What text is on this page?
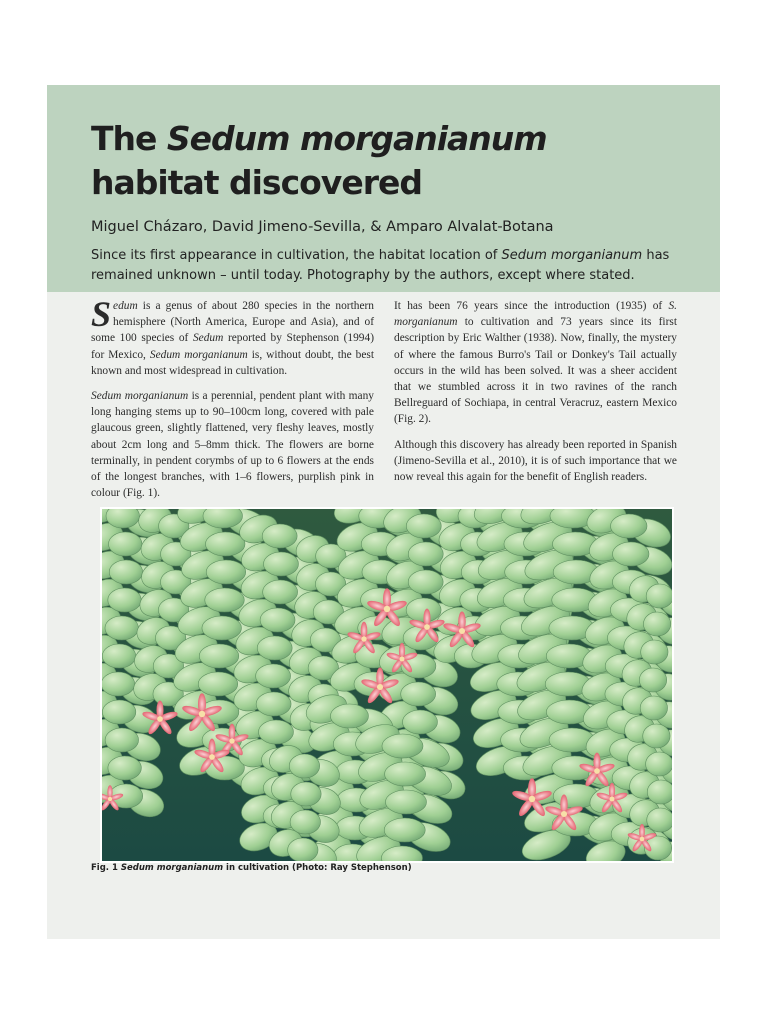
The Sedum morganianum
habitat discovered

Miguel Cházaro, David Jimeno-Sevilla, & Amparo Alvalat-Botana

Since its first appearance in cultivation, the habitat location of Sedum morganianum has remained unknown – until today. Photography by the authors, except where stated.

Sedum is a genus of about 280 species in the northern hemisphere (North America, Europe and Asia), and of some 100 species of Sedum reported by Stephenson (1994) for Mexico, Sedum morganianum is, without doubt, the best known and most widespread in cultivation.

Sedum morganianum is a perennial, pendent plant with many long hanging stems up to 90–100cm long, covered with pale glaucous green, slightly flattened, very fleshy leaves, mostly about 2cm long and 5–8mm thick. The flowers are borne terminally, in pendent corymbs of up to 6 flowers at the ends of the longest branches, with 1–6 flowers, purplish pink in colour (Fig. 1).

It has been 76 years since the introduction (1935) of S. morganianum to cultivation and 73 years since its first description by Eric Walther (1938). Now, finally, the mystery of where the famous Burro's Tail or Donkey's Tail actually occurs in the wild has been solved. It was a sheer accident that we stumbled across it in two ravines of the ranch Bellreguard of Sochiapa, in central Veracruz, eastern Mexico (Fig. 2).

Although this discovery has already been reported in Spanish (Jimeno-Sevilla et al., 2010), it is of such importance that we now reveal this again for the benefit of English readers.

Fig. 1 Sedum morganianum in cultivation (Photo: Ray Stephenson)
